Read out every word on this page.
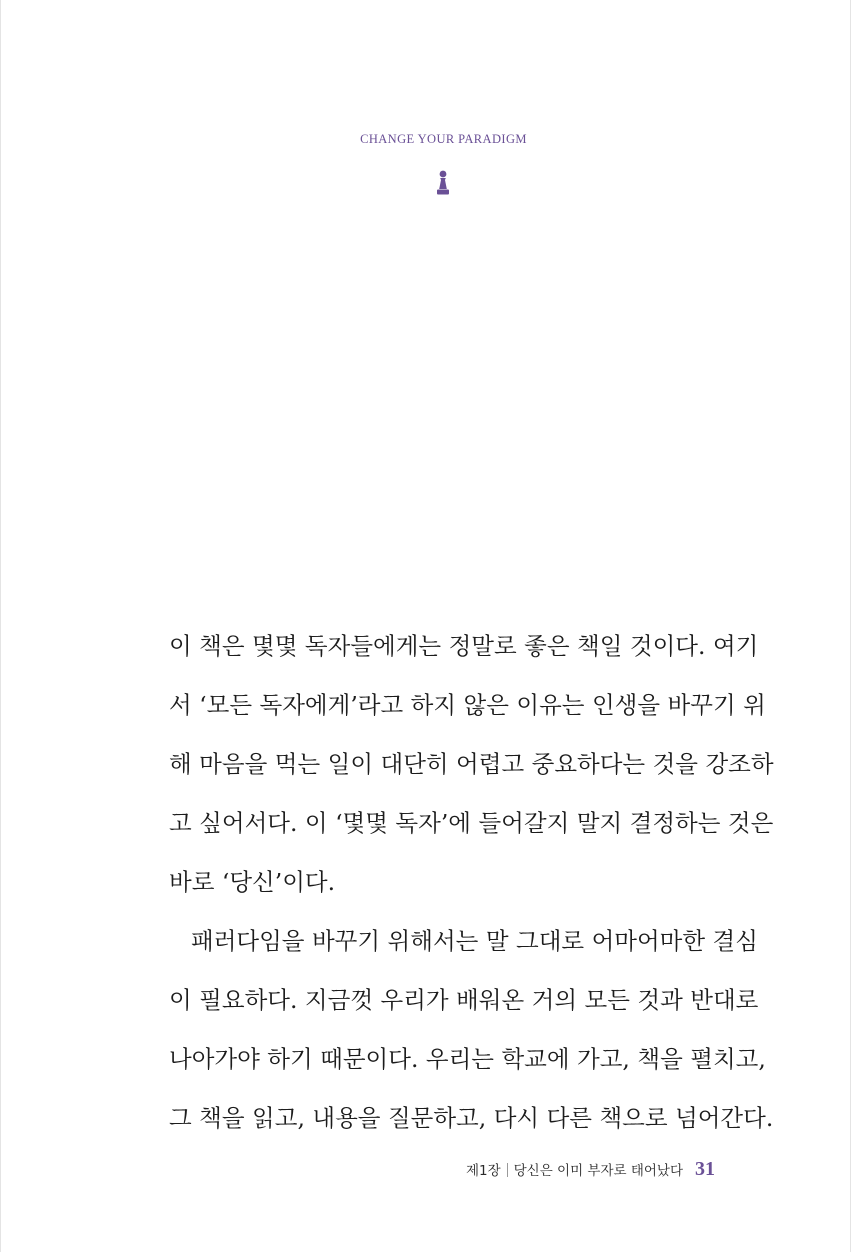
CHANGE YOUR PARADIGM
이 책은 몇몇 독자들에게는 정말로 좋은 책일 것이다. 여기
서 ‘모든 독자에게’라고 하지 않은 이유는 인생을 바꾸기 위
해 마음을 먹는 일이 대단히 어렵고 중요하다는 것을 강조하
고 싶어서다. 이 ‘몇몇 독자’에 들어갈지 말지 결정하는 것은
바로 ‘당신’이다.
패러다임을 바꾸기 위해서는 말 그대로 어마어마한 결심
이 필요하다. 지금껏 우리가 배워온 거의 모든 것과 반대로
나아가야 하기 때문이다. 우리는 학교에 가고, 책을 펼치고,
그 책을 읽고, 내용을 질문하고, 다시 다른 책으로 넘어간다.
제1장 당신은 이미 부자로 태어났다 31
